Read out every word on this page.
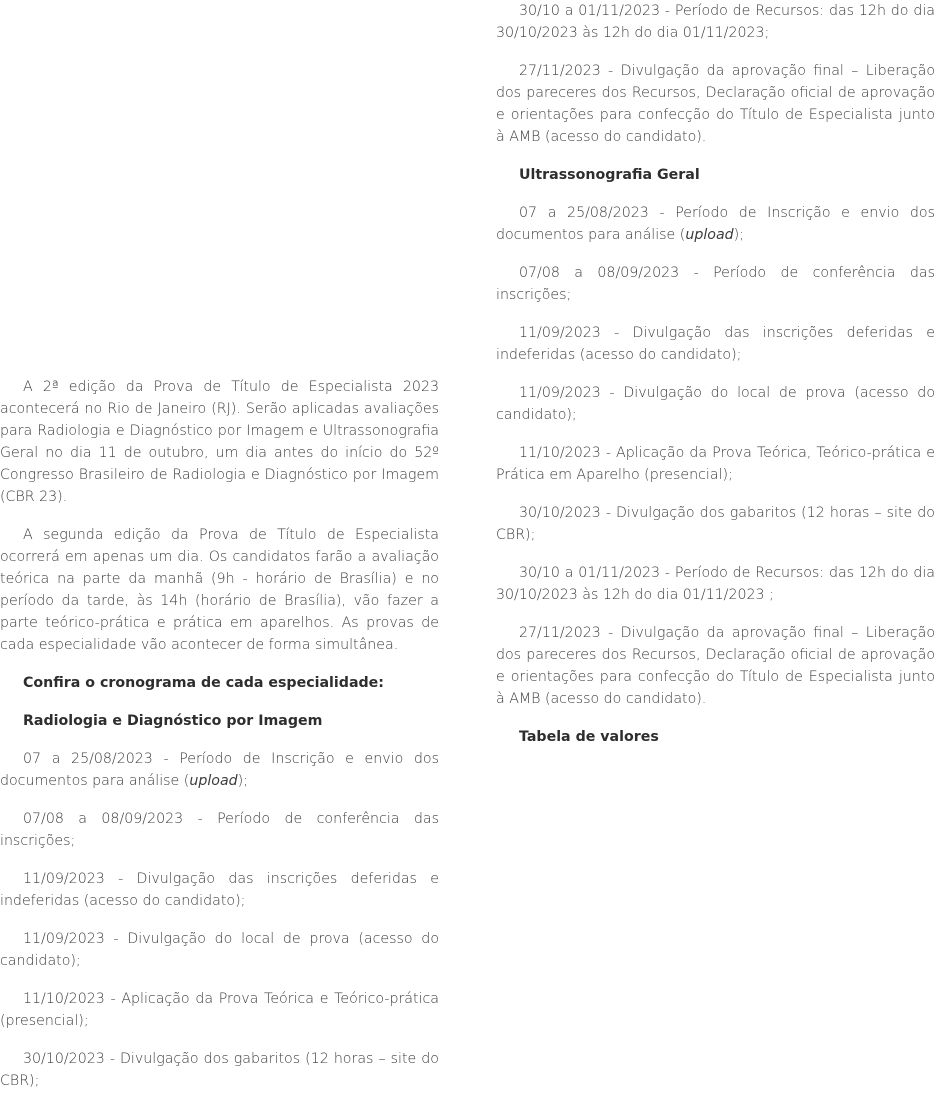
A 2ª edição da Prova de Título de Especialista 2023 acontecerá no Rio de Janeiro (RJ). Serão aplicadas avaliações para Radiologia e Diagnóstico por Imagem e Ultrassonografia Geral no dia 11 de outubro, um dia antes do início do 52º Congresso Brasileiro de Radiologia e Diagnóstico por Imagem (CBR 23).

A segunda edição da Prova de Título de Especialista ocorrerá em apenas um dia. Os candidatos farão a avaliação teórica na parte da manhã (9h - horário de Brasília) e no período da tarde, às 14h (horário de Brasília), vão fazer a parte teórico-prática e prática em aparelhos. As provas de cada especialidade vão acontecer de forma simultânea.

Confira o cronograma de cada especialidade:

Radiologia e Diagnóstico por Imagem

07 a 25/08/2023 - Período de Inscrição e envio dos documentos para análise (upload);

07/08 a 08/09/2023 - Período de conferência das inscrições;

11/09/2023 - Divulgação das inscrições deferidas e indeferidas (acesso do candidato);

11/09/2023 - Divulgação do local de prova (acesso do candidato);

11/10/2023 - Aplicação da Prova Teórica e Teórico-prática (presencial);

30/10/2023 - Divulgação dos gabaritos (12 horas – site do CBR);

30/10 a 01/11/2023 - Período de Recursos: das 12h do dia 30/10/2023 às 12h do dia 01/11/2023;

27/11/2023 - Divulgação da aprovação final – Liberação dos pareceres dos Recursos, Declaração oficial de aprovação e orientações para confecção do Título de Especialista junto à AMB (acesso do candidato).

Ultrassonografia Geral

07 a 25/08/2023 - Período de Inscrição e envio dos documentos para análise (upload);

07/08 a 08/09/2023 - Período de conferência das inscrições;

11/09/2023 - Divulgação das inscrições deferidas e indeferidas (acesso do candidato);

11/09/2023 - Divulgação do local de prova (acesso do candidato);

11/10/2023 - Aplicação da Prova Teórica, Teórico-prática e Prática em Aparelho (presencial);

30/10/2023 - Divulgação dos gabaritos (12 horas – site do CBR);

30/10 a 01/11/2023 - Período de Recursos: das 12h do dia 30/10/2023 às 12h do dia 01/11/2023 ;

27/11/2023 - Divulgação da aprovação final – Liberação dos pareceres dos Recursos, Declaração oficial de aprovação e orientações para confecção do Título de Especialista junto à AMB (acesso do candidato).

Tabela de valores
